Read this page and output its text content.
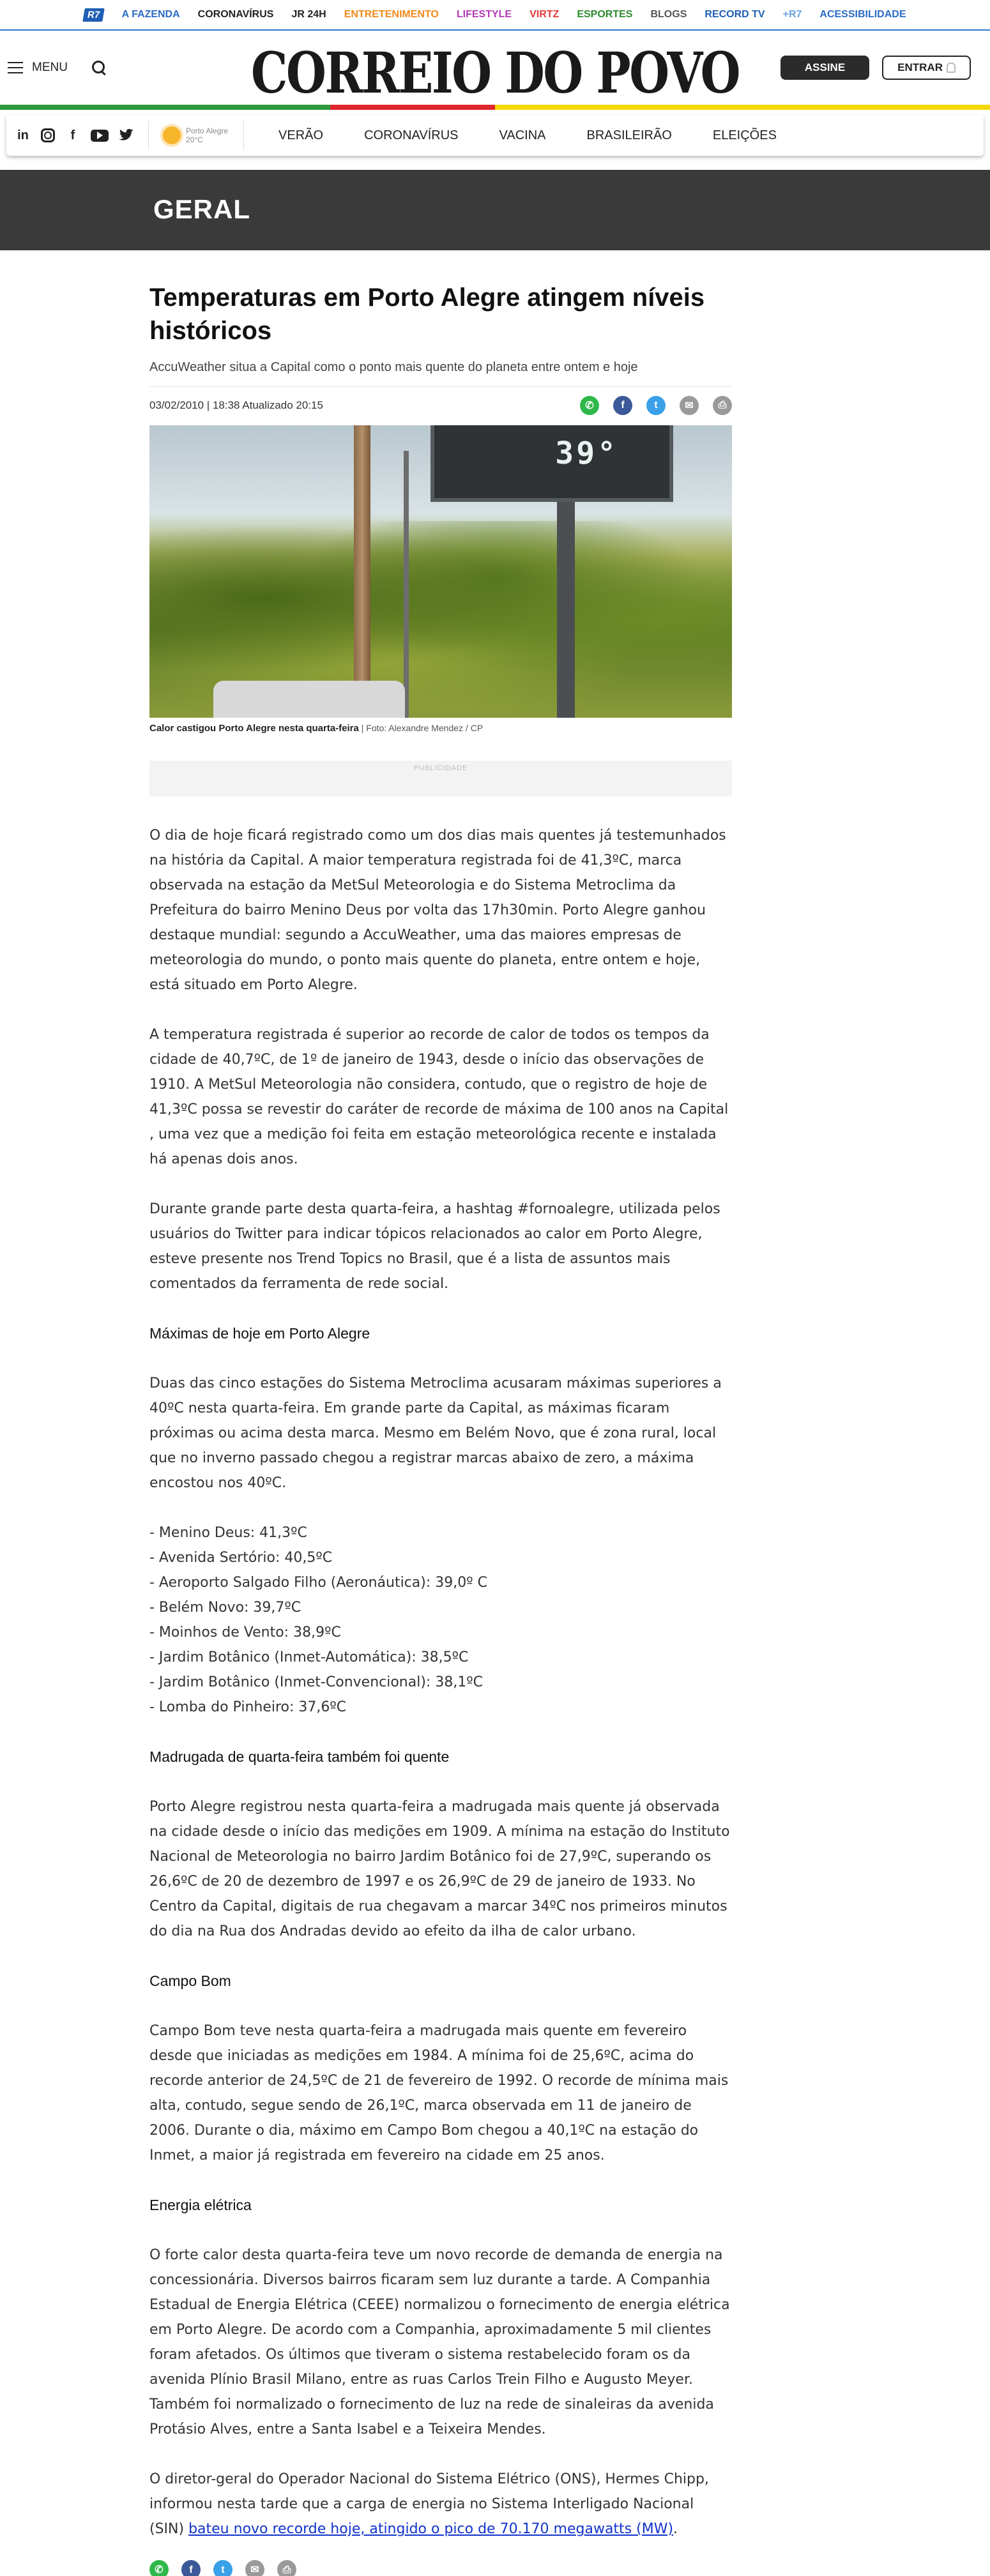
R7	A FAZENDA CORONAVÍRUS JR 24H ENTRETENIMENTO LIFESTYLE VIRTZ ESPORTES BLOGS RECORD TV +R7 ACESSIBILIDADE
MENU	CORREIO DO POVO	ASSINE	ENTRAR
in	f	Porto Alegre
20°C	VERÃO	CORONAVÍRUS	VACINA	BRASILEIRÃO	ELEIÇÕES
GERAL
Temperaturas em Porto Alegre atingem níveis históricos
AccuWeather situa a Capital como o ponto mais quente do planeta entre ontem e hoje
03/02/2010 | 18:38 Atualizado 20:15	✆	f	t	✉	⎙
39°
Calor castigou Porto Alegre nesta quarta-feira | Foto: Alexandre Mendez / CP
PUBLICIDADE

O dia de hoje ficará registrado como um dos dias mais quentes já testemunhados na história da Capital. A maior temperatura registrada foi de 41,3ºC, marca observada na estação da MetSul Meteorologia e do Sistema Metroclima da Prefeitura do bairro Menino Deus por volta das 17h30min. Porto Alegre ganhou destaque mundial: segundo a AccuWeather, uma das maiores empresas de meteorologia do mundo, o ponto mais quente do planeta, entre ontem e hoje, está situado em Porto Alegre.

A temperatura registrada é superior ao recorde de calor de todos os tempos da cidade de 40,7ºC, de 1º de janeiro de 1943, desde o início das observações de 1910. A MetSul Meteorologia não considera, contudo, que o registro de hoje de 41,3ºC possa se revestir do caráter de recorde de máxima de 100 anos na Capital , uma vez que a medição foi feita em estação meteorológica recente e instalada há apenas dois anos.

Durante grande parte desta quarta-feira, a hashtag #fornoalegre, utilizada pelos usuários do Twitter para indicar tópicos relacionados ao calor em Porto Alegre, esteve presente nos Trend Topics no Brasil, que é a lista de assuntos mais comentados da ferramenta de rede social.

Máximas de hoje em Porto Alegre

Duas das cinco estações do Sistema Metroclima acusaram máximas superiores a 40ºC nesta quarta-feira. Em grande parte da Capital, as máximas ficaram próximas ou acima desta marca. Mesmo em Belém Novo, que é zona rural, local que no inverno passado chegou a registrar marcas abaixo de zero, a máxima encostou nos 40ºC.

- Menino Deus: 41,3ºC
- Avenida Sertório: 40,5ºC
- Aeroporto Salgado Filho (Aeronáutica): 39,0º C
- Belém Novo: 39,7ºC
- Moinhos de Vento: 38,9ºC
- Jardim Botânico (Inmet-Automática): 38,5ºC
- Jardim Botânico (Inmet-Convencional): 38,1ºC
- Lomba do Pinheiro: 37,6ºC

Madrugada de quarta-feira também foi quente

Porto Alegre registrou nesta quarta-feira a madrugada mais quente já observada na cidade desde o início das medições em 1909. A mínima na estação do Instituto Nacional de Meteorologia no bairro Jardim Botânico foi de 27,9ºC, superando os 26,6ºC de 20 de dezembro de 1997 e os 26,9ºC de 29 de janeiro de 1933. No Centro da Capital, digitais de rua chegavam a marcar 34ºC nos primeiros minutos do dia na Rua dos Andradas devido ao efeito da ilha de calor urbano.

Campo Bom

Campo Bom teve nesta quarta-feira a madrugada mais quente em fevereiro desde que iniciadas as medições em 1984. A mínima foi de 25,6ºC, acima do recorde anterior de 24,5ºC de 21 de fevereiro de 1992. O recorde de mínima mais alta, contudo, segue sendo de 26,1ºC, marca observada em 11 de janeiro de 2006. Durante o dia, máximo em Campo Bom chegou a 40,1ºC na estação do Inmet, a maior já registrada em fevereiro na cidade em 25 anos.

Energia elétrica

O forte calor desta quarta-feira teve um novo recorde de demanda de energia na concessionária. Diversos bairros ficaram sem luz durante a tarde. A Companhia Estadual de Energia Elétrica (CEEE) normalizou o fornecimento de energia elétrica em Porto Alegre. De acordo com a Companhia, aproximadamente 5 mil clientes foram afetados. Os últimos que tiveram o sistema restabelecido foram os da avenida Plínio Brasil Milano, entre as ruas Carlos Trein Filho e Augusto Meyer. Também foi normalizado o fornecimento de luz na rede de sinaleiras da avenida Protásio Alves, entre a Santa Isabel e a Teixeira Mendes.

O diretor-geral do Operador Nacional do Sistema Elétrico (ONS), Hermes Chipp, informou nesta tarde que a carga de energia no Sistema Interligado Nacional (SIN) bateu novo recorde hoje, atingido o pico de 70.170 megawatts (MW).

✆	f	t	✉	⎙
